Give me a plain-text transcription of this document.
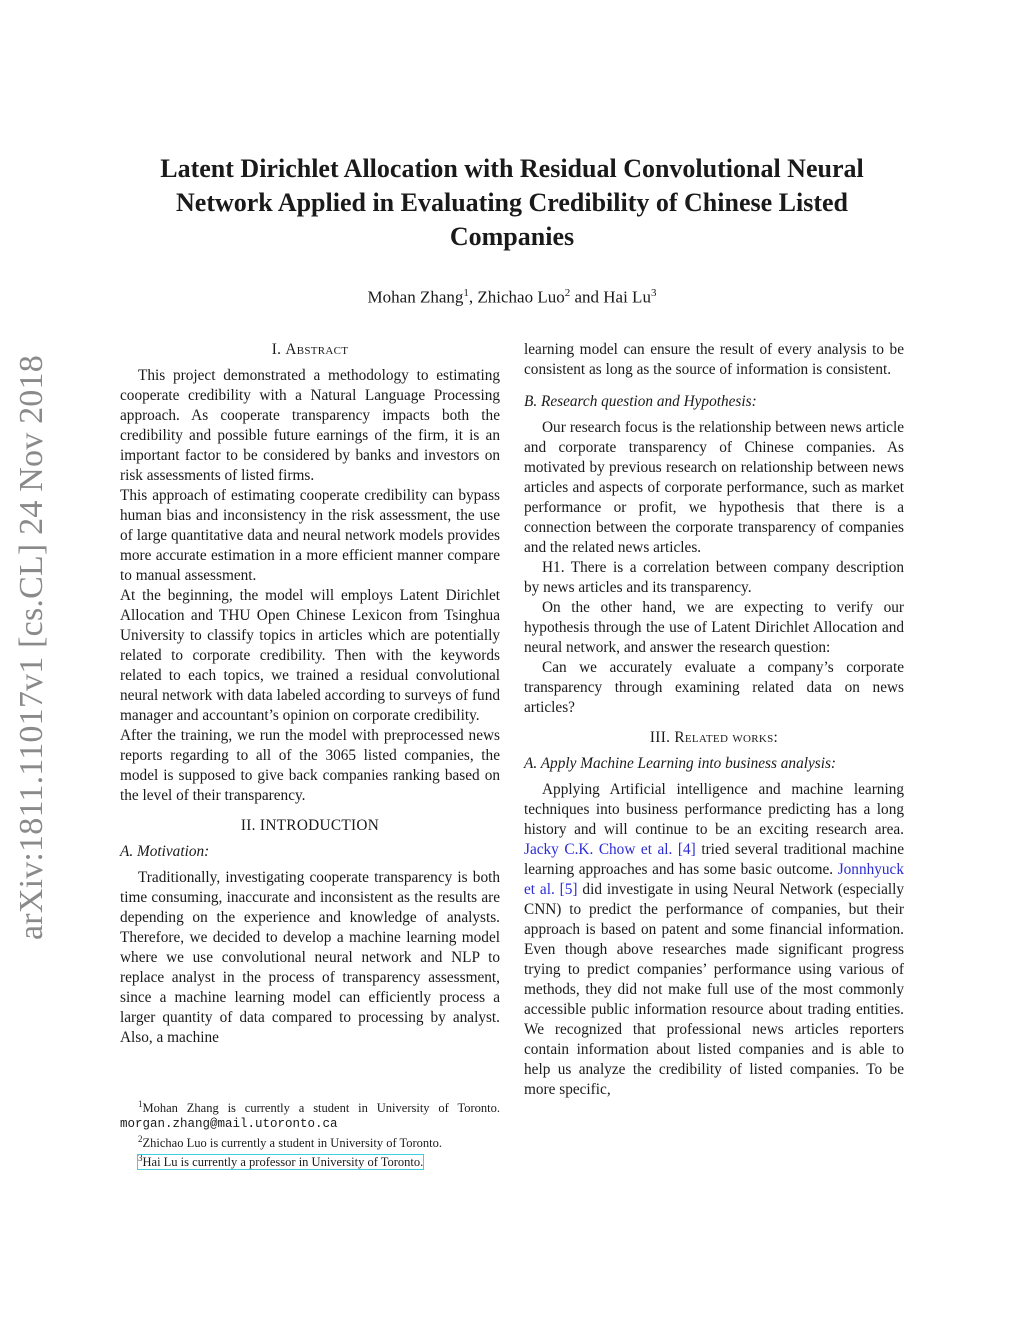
arXiv:1811.11017v1 [cs.CL] 24 Nov 2018
Latent Dirichlet Allocation with Residual Convolutional Neural Network Applied in Evaluating Credibility of Chinese Listed Companies
Mohan Zhang$^1$, Zhichao Luo$^2$ and Hai Lu$^3$
I. Abstract

This project demonstrated a methodology to estimating cooperate credibility with a Natural Language Processing approach. As cooperate transparency impacts both the credibility and possible future earnings of the firm, it is an important factor to be considered by banks and investors on risk assessments of listed firms.

This approach of estimating cooperate credibility can bypass human bias and inconsistency in the risk assessment, the use of large quantitative data and neural network models provides more accurate estimation in a more efficient manner compare to manual assessment.

At the beginning, the model will employs Latent Dirichlet Allocation and THU Open Chinese Lexicon from Tsinghua University to classify topics in articles which are potentially related to corporate credibility. Then with the keywords related to each topics, we trained a residual convolutional neural network with data labeled according to surveys of fund manager and accountant’s opinion on corporate credibility.

After the training, we run the model with preprocessed news reports regarding to all of the 3065 listed companies, the model is supposed to give back companies ranking based on the level of their transparency.

II. INTRODUCTION
A. Motivation:

Traditionally, investigating cooperate transparency is both time consuming, inaccurate and inconsistent as the results are depending on the experience and knowledge of analysts. Therefore, we decided to develop a machine learning model where we use convolutional neural network and NLP to replace analyst in the process of transparency assessment, since a machine learning model can efficiently process a larger quantity of data compared to processing by analyst. Also, a machine

$^1$Mohan Zhang is currently a student in University of Toronto. morgan.zhang@mail.utoronto.ca

$^2$Zhichao Luo is currently a student in University of Toronto.

$^3$Hai Lu is currently a professor in University of Toronto.

learning model can ensure the result of every analysis to be consistent as long as the source of information is consistent.

B. Research question and Hypothesis:

Our research focus is the relationship between news article and corporate transparency of Chinese companies. As motivated by previous research on relationship between news articles and aspects of corporate performance, such as market performance or profit, we hypothesis that there is a connection between the corporate transparency of companies and the related news articles.

H1. There is a correlation between company description by news articles and its transparency.

On the other hand, we are expecting to verify our hypothesis through the use of Latent Dirichlet Allocation and neural network, and answer the research question:

Can we accurately evaluate a company’s corporate transparency through examining related data on news articles?

III. Related works:
A. Apply Machine Learning into business analysis:

Applying Artificial intelligence and machine learning techniques into business performance predicting has a long history and will continue to be an exciting research area. Jacky C.K. Chow et al. [4] tried several traditional machine learning approaches and has some basic outcome. Jonnhyuck et al. [5] did investigate in using Neural Network (especially CNN) to predict the performance of companies, but their approach is based on patent and some financial information. Even though above researches made significant progress trying to predict companies’ performance using various of methods, they did not make full use of the most commonly accessible public information resource about trading entities. We recognized that professional news articles reporters contain information about listed companies and is able to help us analyze the credibility of listed companies. To be more specific,
